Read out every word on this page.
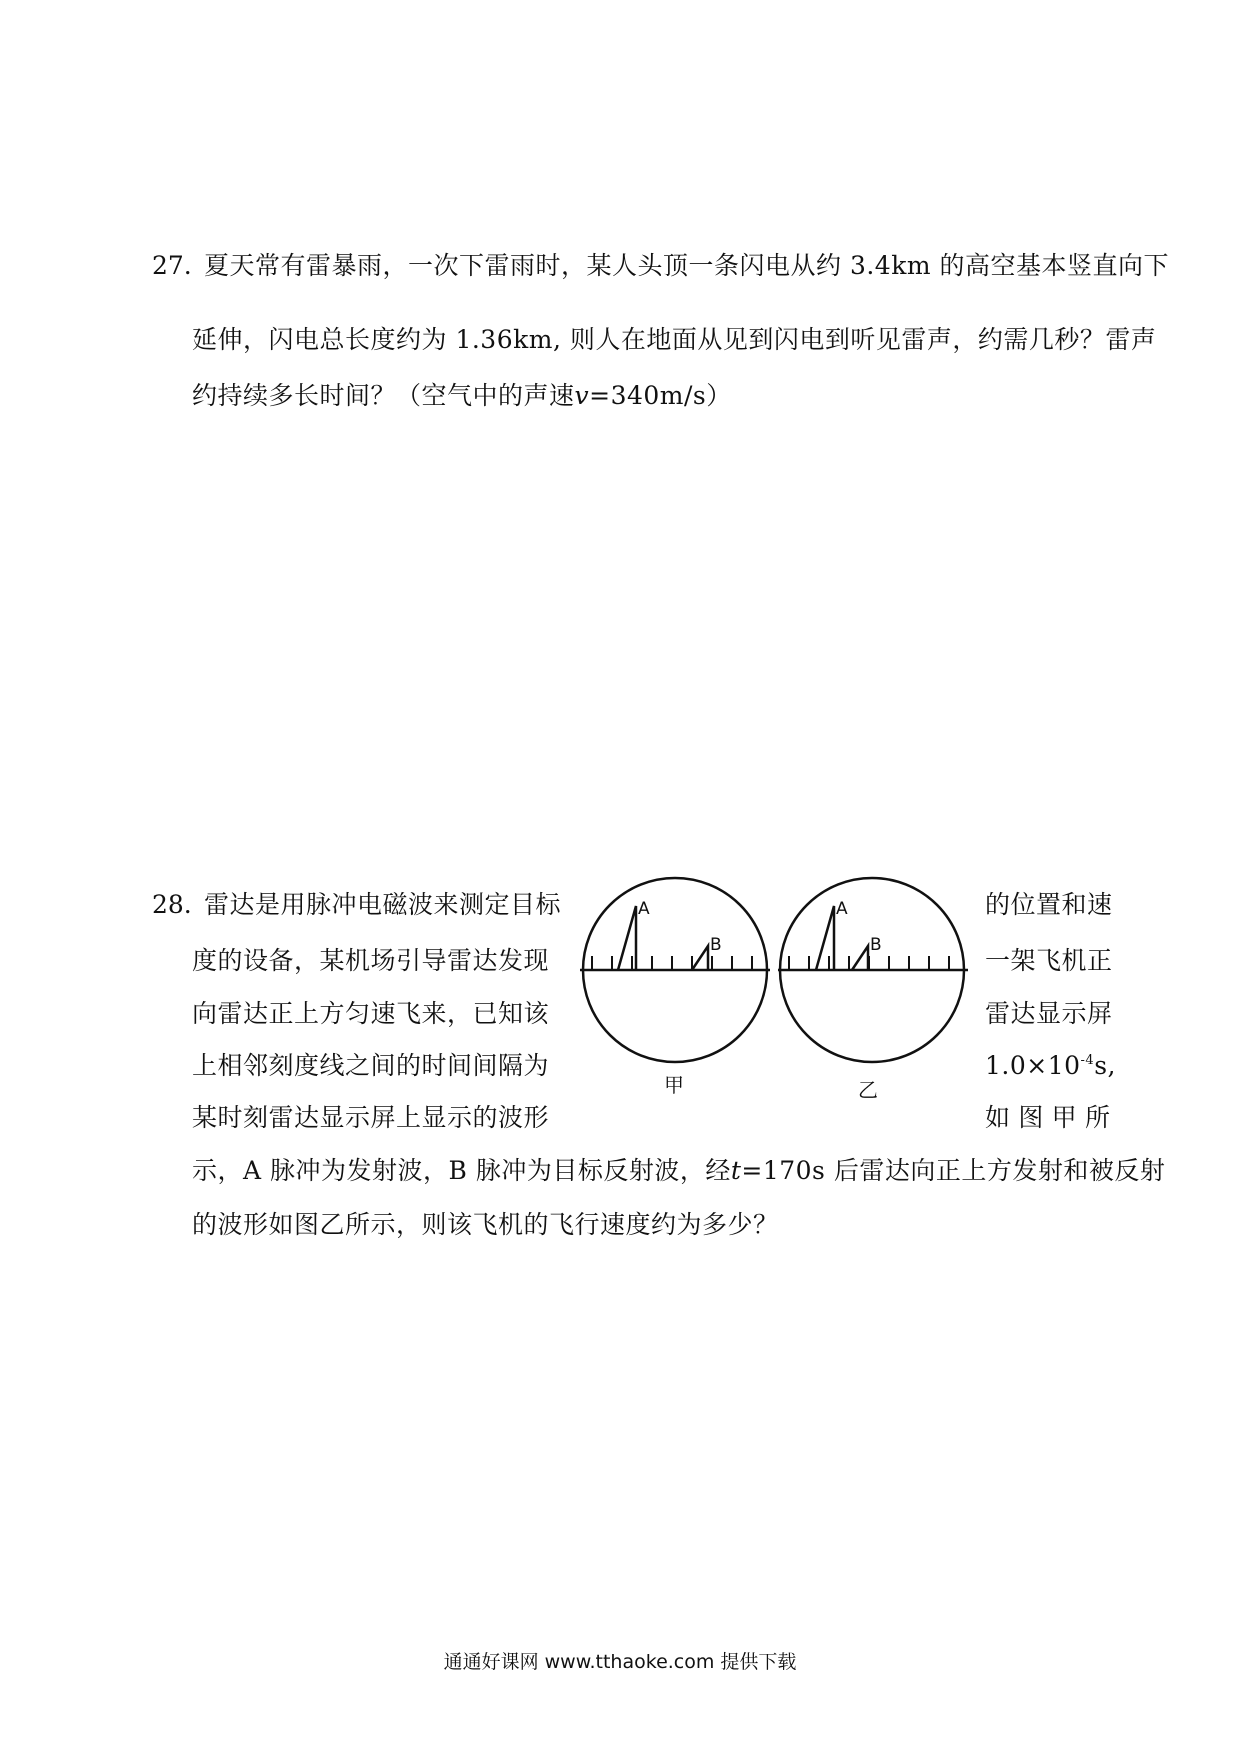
27. 夏天常有雷暴雨，一次下雷雨时，某人头顶一条闪电从约 3.4km 的高空基本竖直向下
延伸，闪电总长度约为 1.36km, 则人在地面从见到闪电到听见雷声，约需几秒？雷声
约持续多长时间？（空气中的声速v=340m/s）
28. 雷达是用脉冲电磁波来测定目标
度的设备，某机场引导雷达发现
向雷达正上方匀速飞来，已知该
上相邻刻度线之间的时间间隔为
某时刻雷达显示屏上显示的波形
的位置和速
一架飞机正
雷达显示屏
$1.0\times 10^{-4}s$,
如 图 甲 所
示，A 脉冲为发射波，B 脉冲为目标反射波，经t=170s 后雷达向正上方发射和被反射
的波形如图乙所示，则该飞机的飞行速度约为多少？
A
B
A
B
甲	乙
通通好课网 www.tthaoke.com 提供下载
